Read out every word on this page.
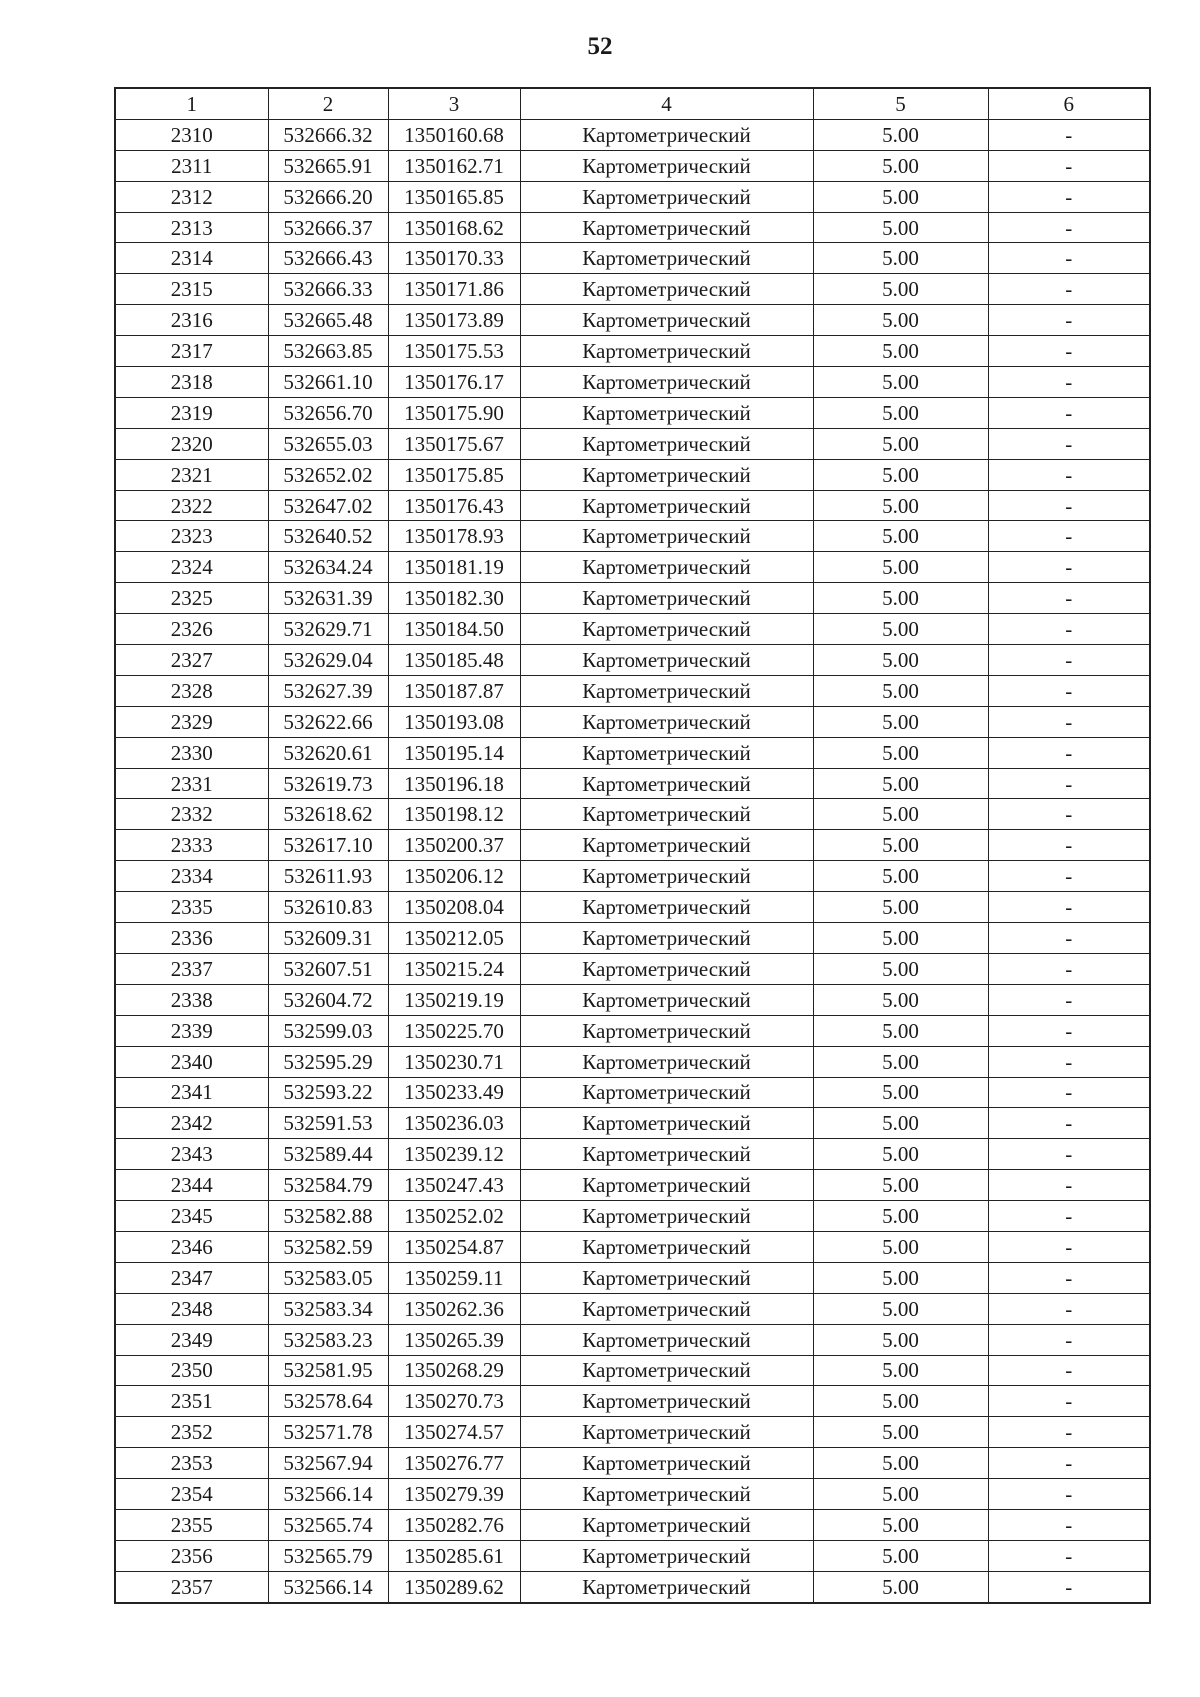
52
1	2	3	4	5	6
2310	532666.32	1350160.68	Картометрический	5.00	-
2311	532665.91	1350162.71	Картометрический	5.00	-
2312	532666.20	1350165.85	Картометрический	5.00	-
2313	532666.37	1350168.62	Картометрический	5.00	-
2314	532666.43	1350170.33	Картометрический	5.00	-
2315	532666.33	1350171.86	Картометрический	5.00	-
2316	532665.48	1350173.89	Картометрический	5.00	-
2317	532663.85	1350175.53	Картометрический	5.00	-
2318	532661.10	1350176.17	Картометрический	5.00	-
2319	532656.70	1350175.90	Картометрический	5.00	-
2320	532655.03	1350175.67	Картометрический	5.00	-
2321	532652.02	1350175.85	Картометрический	5.00	-
2322	532647.02	1350176.43	Картометрический	5.00	-
2323	532640.52	1350178.93	Картометрический	5.00	-
2324	532634.24	1350181.19	Картометрический	5.00	-
2325	532631.39	1350182.30	Картометрический	5.00	-
2326	532629.71	1350184.50	Картометрический	5.00	-
2327	532629.04	1350185.48	Картометрический	5.00	-
2328	532627.39	1350187.87	Картометрический	5.00	-
2329	532622.66	1350193.08	Картометрический	5.00	-
2330	532620.61	1350195.14	Картометрический	5.00	-
2331	532619.73	1350196.18	Картометрический	5.00	-
2332	532618.62	1350198.12	Картометрический	5.00	-
2333	532617.10	1350200.37	Картометрический	5.00	-
2334	532611.93	1350206.12	Картометрический	5.00	-
2335	532610.83	1350208.04	Картометрический	5.00	-
2336	532609.31	1350212.05	Картометрический	5.00	-
2337	532607.51	1350215.24	Картометрический	5.00	-
2338	532604.72	1350219.19	Картометрический	5.00	-
2339	532599.03	1350225.70	Картометрический	5.00	-
2340	532595.29	1350230.71	Картометрический	5.00	-
2341	532593.22	1350233.49	Картометрический	5.00	-
2342	532591.53	1350236.03	Картометрический	5.00	-
2343	532589.44	1350239.12	Картометрический	5.00	-
2344	532584.79	1350247.43	Картометрический	5.00	-
2345	532582.88	1350252.02	Картометрический	5.00	-
2346	532582.59	1350254.87	Картометрический	5.00	-
2347	532583.05	1350259.11	Картометрический	5.00	-
2348	532583.34	1350262.36	Картометрический	5.00	-
2349	532583.23	1350265.39	Картометрический	5.00	-
2350	532581.95	1350268.29	Картометрический	5.00	-
2351	532578.64	1350270.73	Картометрический	5.00	-
2352	532571.78	1350274.57	Картометрический	5.00	-
2353	532567.94	1350276.77	Картометрический	5.00	-
2354	532566.14	1350279.39	Картометрический	5.00	-
2355	532565.74	1350282.76	Картометрический	5.00	-
2356	532565.79	1350285.61	Картометрический	5.00	-
2357	532566.14	1350289.62	Картометрический	5.00	-
